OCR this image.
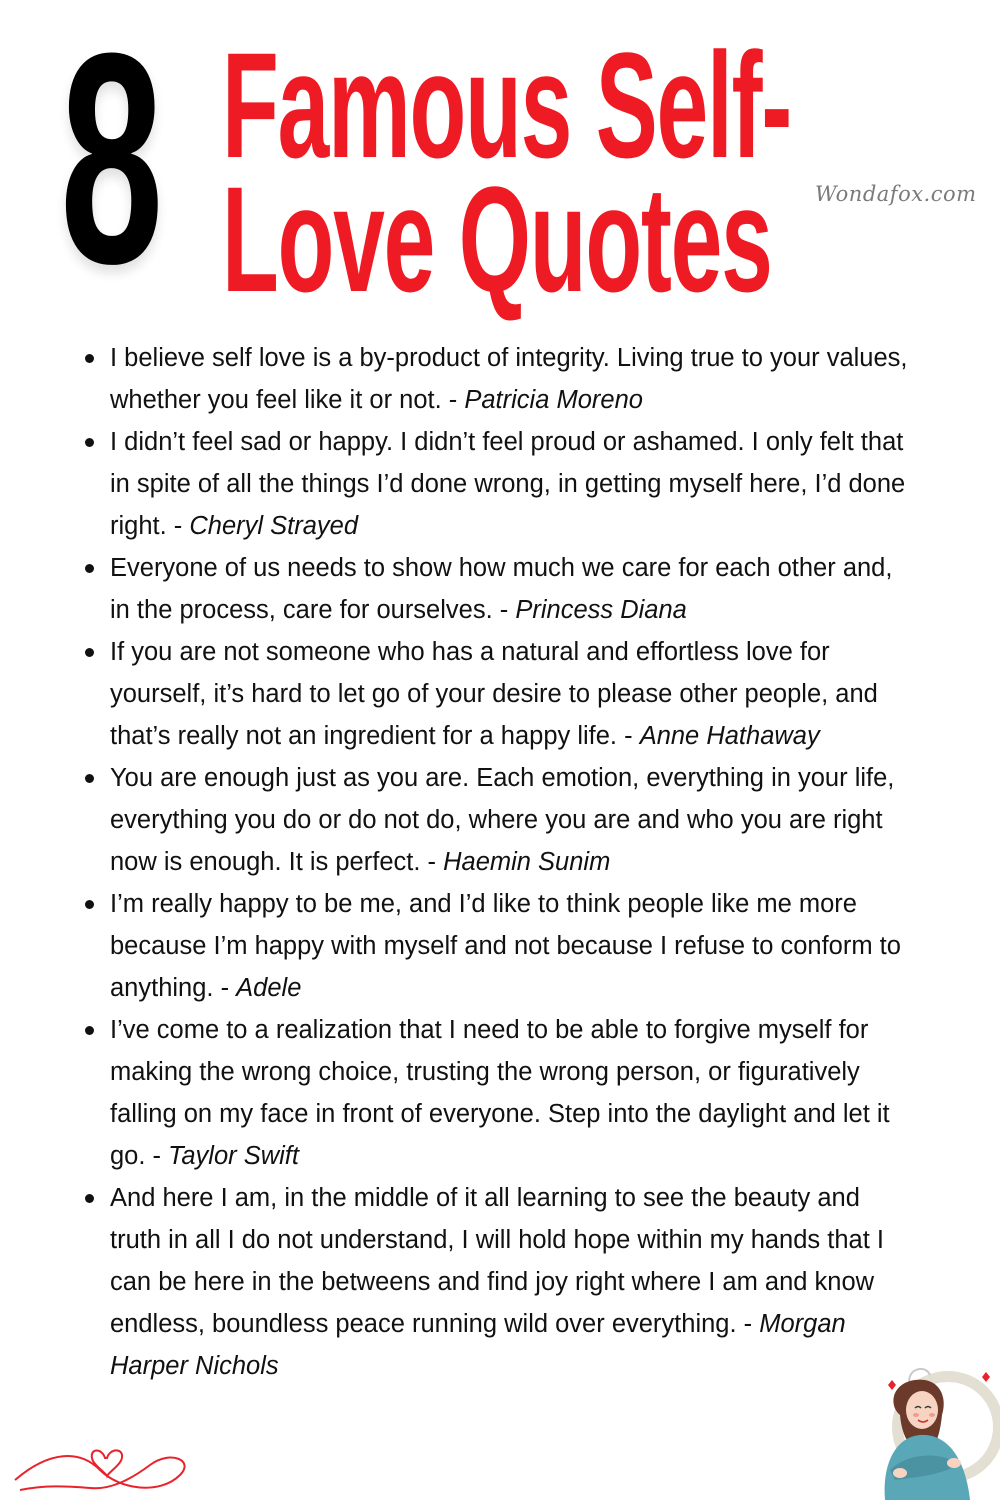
8 Famous Self-
Love Quotes	Wondafox.com
I believe self love is a by-product of integrity. Living true to your values, whether you feel like it or not. - Patricia Moreno
I didn’t feel sad or happy. I didn’t feel proud or ashamed. I only felt that in spite of all the things I’d done wrong, in getting myself here, I’d done right. - Cheryl Strayed
Everyone of us needs to show how much we care for each other and, in the process, care for ourselves. - Princess Diana
If you are not someone who has a natural and effortless love for yourself, it’s hard to let go of your desire to please other people, and that’s really not an ingredient for a happy life. - Anne Hathaway
You are enough just as you are. Each emotion, everything in your life, everything you do or do not do, where you are and who you are right now is enough. It is perfect. - Haemin Sunim
I’m really happy to be me, and I’d like to think people like me more because I’m happy with myself and not because I refuse to conform to anything. - Adele
I’ve come to a realization that I need to be able to forgive myself for making the wrong choice, trusting the wrong person, or figuratively falling on my face in front of everyone. Step into the daylight and let it go. - Taylor Swift
And here I am, in the middle of it all learning to see the beauty and truth in all I do not understand, I will hold hope within my hands that I can be here in the betweens and find joy right where I am and know endless, boundless peace running wild over everything. - Morgan Harper Nichols
